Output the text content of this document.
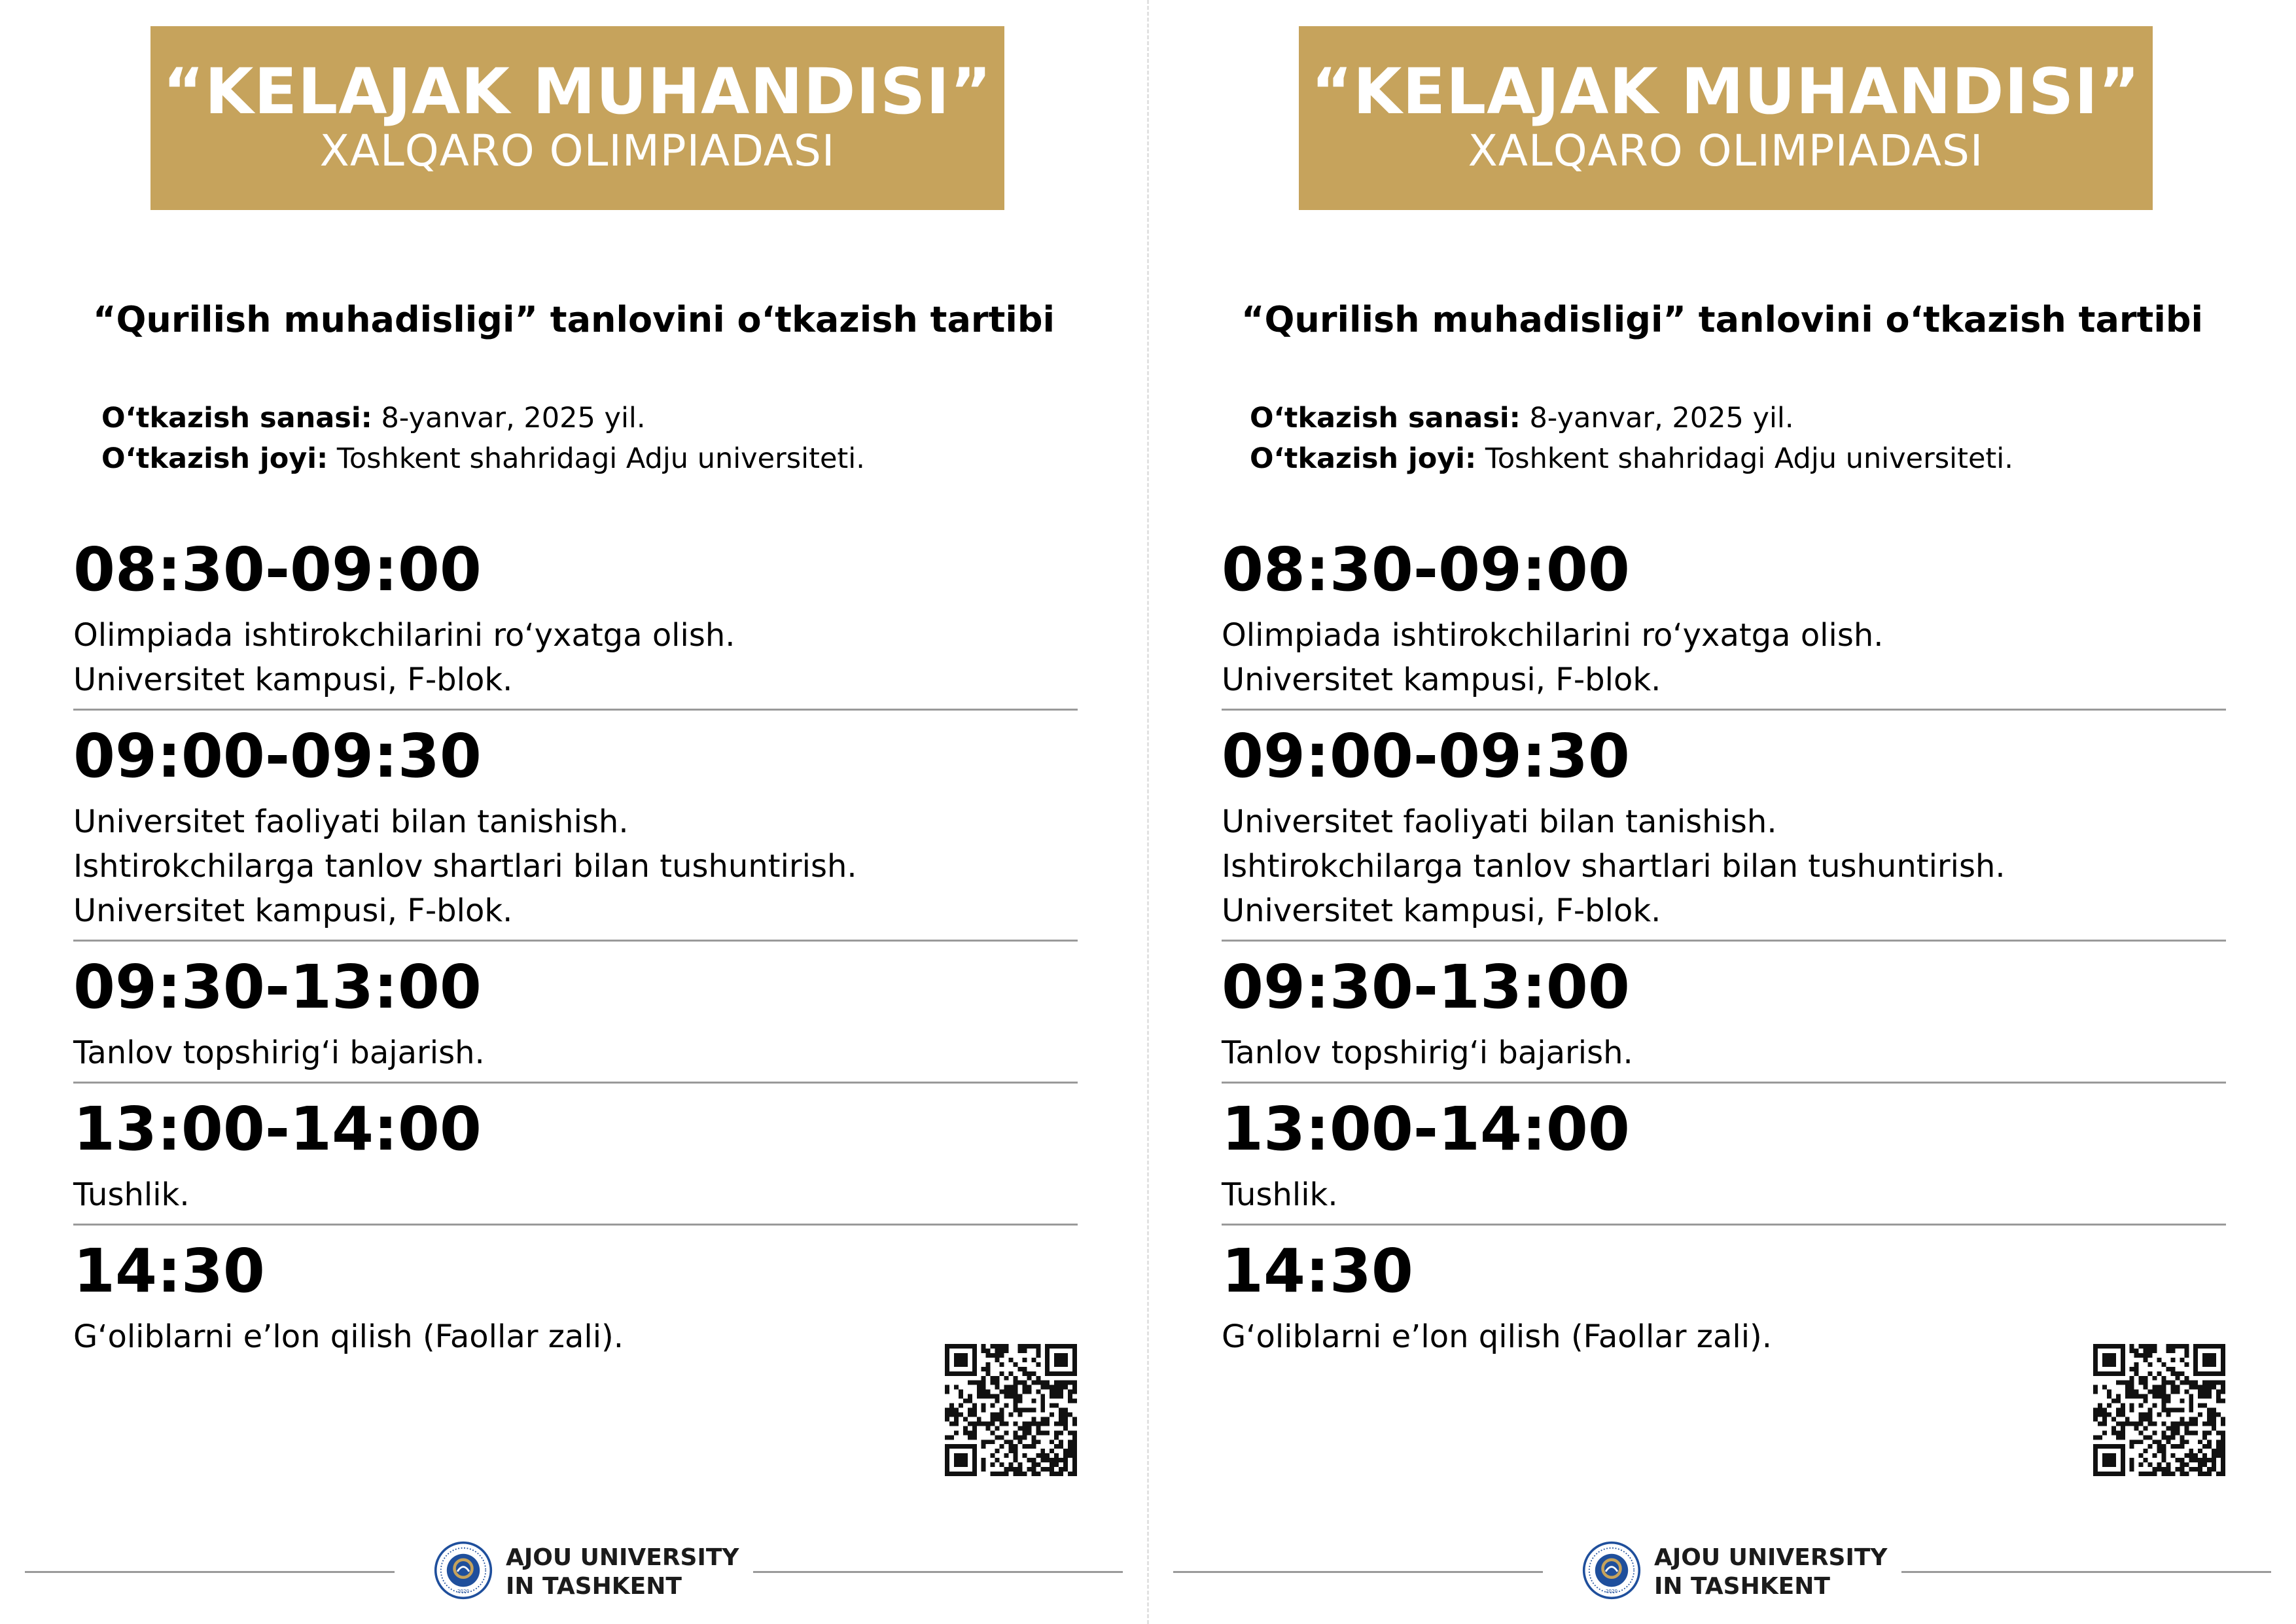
“KELAJAK MUHANDISI”
XALQARO OLIMPIADASI
“Qurilish muhadisligi” tanlovini o‘tkazish tartibi
O‘tkazish sanasi: 8-yanvar, 2025 yil.
O‘tkazish joyi: Toshkent shahridagi Adju universiteti.
08:30-09:00
Olimpiada ishtirokchilarini ro‘yxatga olish.
Universitet kampusi, F-blok.
09:00-09:30
Universitet faoliyati bilan tanishish.
Ishtirokchilarga tanlov shartlari bilan tushuntirish.
Universitet kampusi, F-blok.
09:30-13:00
Tanlov topshirig‘i bajarish.
13:00-14:00
Tushlik.
14:30
G‘oliblarni e’lon qilish (Faollar zali).
2020
AJOU UNIVERSITY
IN TASHKENT
“KELAJAK MUHANDISI”
XALQARO OLIMPIADASI
“Qurilish muhadisligi” tanlovini o‘tkazish tartibi
O‘tkazish sanasi: 8-yanvar, 2025 yil.
O‘tkazish joyi: Toshkent shahridagi Adju universiteti.
08:30-09:00
Olimpiada ishtirokchilarini ro‘yxatga olish.
Universitet kampusi, F-blok.
09:00-09:30
Universitet faoliyati bilan tanishish.
Ishtirokchilarga tanlov shartlari bilan tushuntirish.
Universitet kampusi, F-blok.
09:30-13:00
Tanlov topshirig‘i bajarish.
13:00-14:00
Tushlik.
14:30
G‘oliblarni e’lon qilish (Faollar zali).
2020
AJOU UNIVERSITY
IN TASHKENT
